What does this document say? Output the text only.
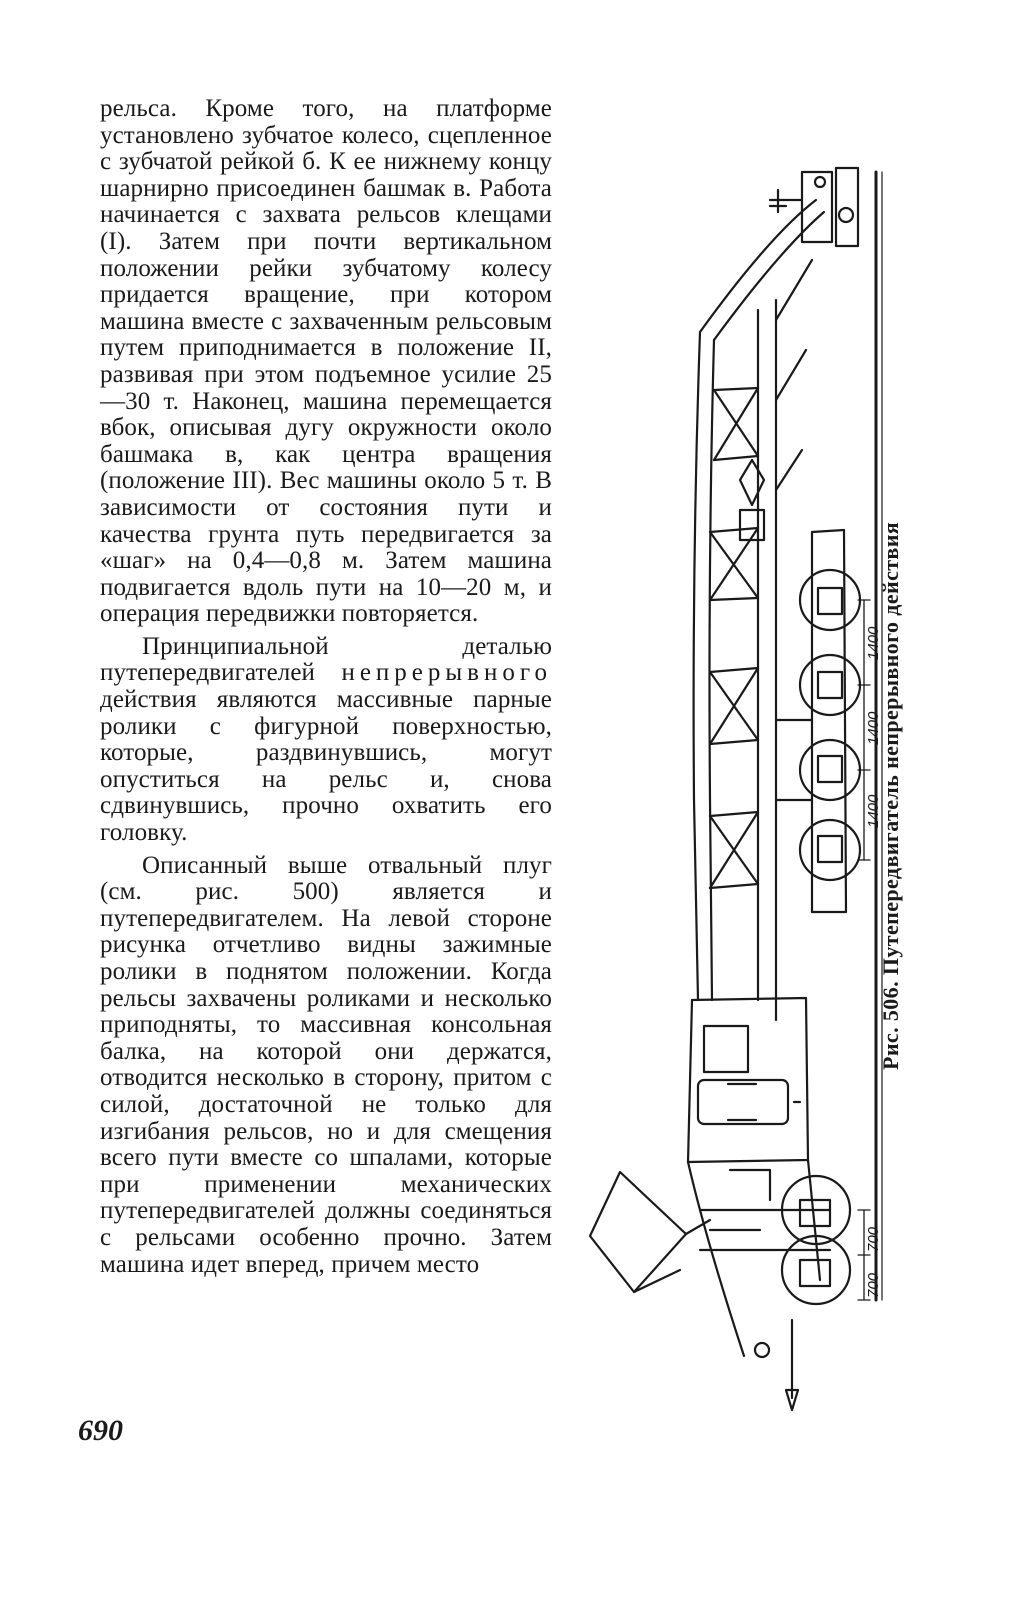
рельса. Кроме того, на платформе установлено зубчатое колесо, сцепленное с зубчатой рейкой б. К ее нижнему концу шарнирно присоединен башмак в. Работа начинается с захвата рельсов клещами (I). Затем при почти вертикальном положении рейки зубчатому колесу придается вращение, при котором машина вместе с захваченным рельсовым путем приподнимается в положение II, развивая при этом подъемное усилие 25—30 т. Наконец, машина перемещается вбок, описывая дугу окружности около башмака в, как центра вращения (положение III). Вес машины около 5 т. В зависимости от состояния пути и качества грунта путь передвигается за «шаг» на 0,4—0,8 м. Затем машина подвигается вдоль пути на 10—20 м, и операция передвижки повторяется.

Принципиальной деталью путепередвигателей непрерывного действия являются массивные парные ролики с фигурной поверхностью, которые, раздвинувшись, могут опуститься на рельс и, снова сдвинувшись, прочно охватить его головку.

Описанный выше отвальный плуг (см. рис. 500) является и путепередвигателем. На левой стороне рисунка отчетливо видны зажимные ролики в поднятом положении. Когда рельсы захвачены роликами и несколько приподняты, то массивная консольная балка, на которой они держатся, отводится несколько в сторону, притом с силой, достаточной не только для изгибания рельсов, но и для смещения всего пути вместе со шпалами, которые при применении механических путепередвигателей должны соединяться с рельсами особенно прочно. Затем машина идет вперед, причем место

690
1400
1400
1400
700
700
Рис. 506. Путепередвигатель непрерывного действия
